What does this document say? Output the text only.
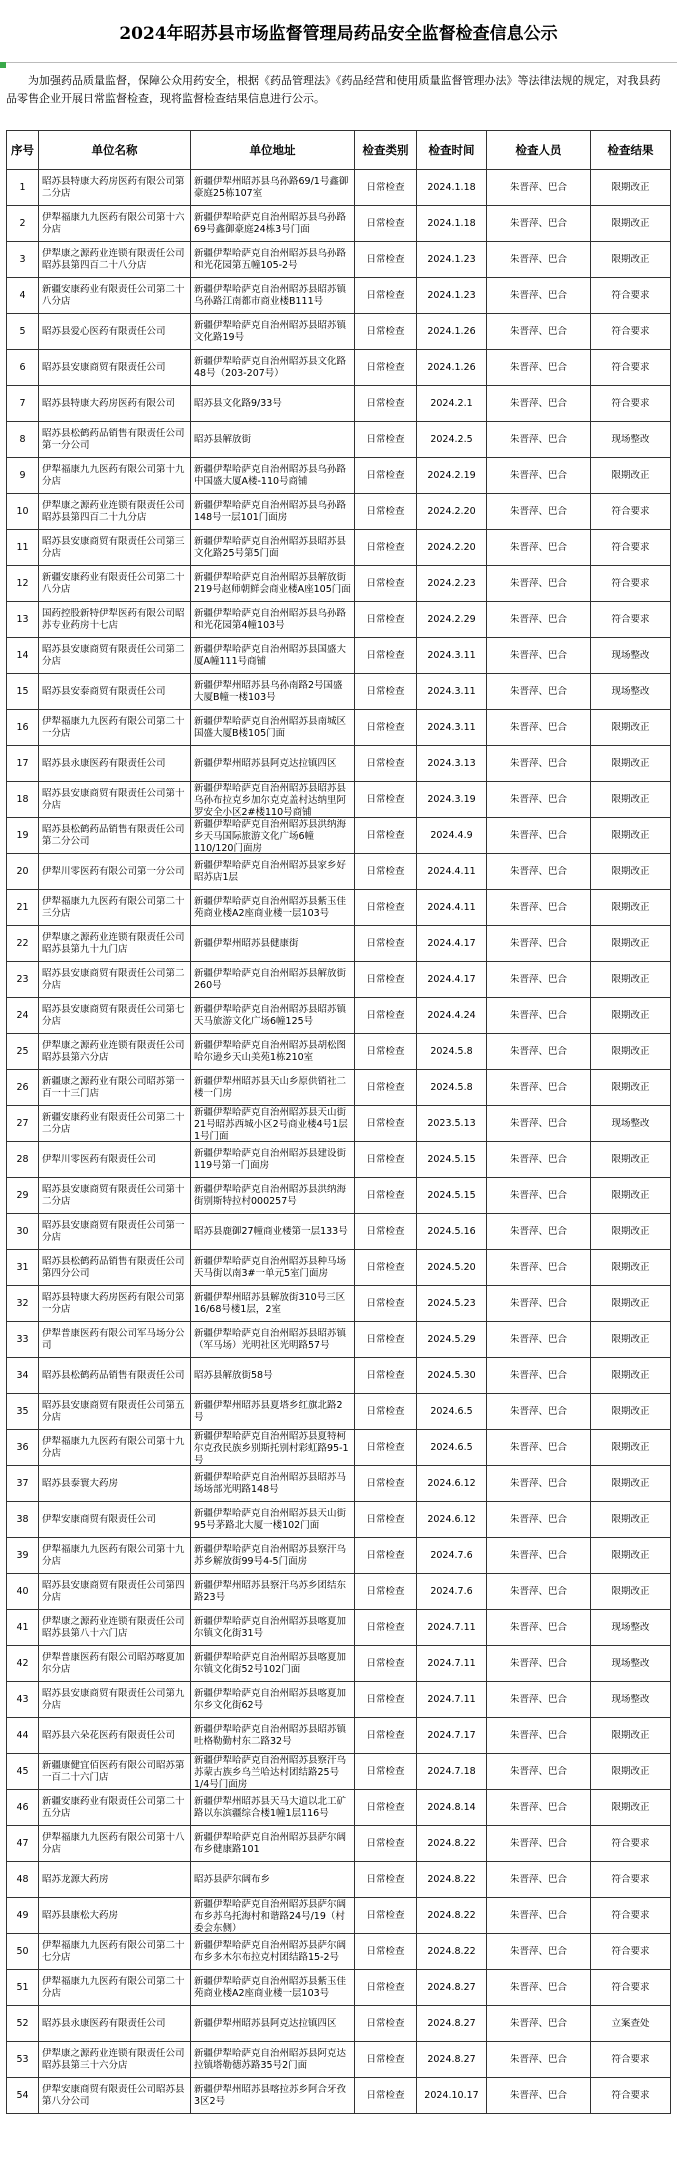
2024年昭苏县市场监督管理局药品安全监督检查信息公示
为加强药品质量监督，保障公众用药安全，根据《药品管理法》《药品经营和使用质量监督管理办法》等法律法规的规定，对我县药品零售企业开展日常监督检查，现将监督检查结果信息进行公示。
序号	单位名称	单位地址	检查类别	检查时间	检查人员	检查结果

1	昭苏县特康大药房医药有限公司第二分店	新疆伊犁州昭苏县乌孙路69/1号鑫御豪庭25栋107室	日常检查	2024.1.18	朱晋萍、巴合	限期改正

2	伊犁福康九九医药有限公司第十六分店	新疆伊犁哈萨克自治州昭苏县乌孙路69号鑫御豪庭24栋3号门面	日常检查	2024.1.18	朱晋萍、巴合	限期改正

3	伊犁康之源药业连锁有限责任公司昭苏县第四百二十八分店	新疆伊犁哈萨克自治州昭苏县乌孙路和光花园第五幢105-2号	日常检查	2024.1.23	朱晋萍、巴合	限期改正

4	新疆安康药业有限责任公司第二十八分店	新疆伊犁哈萨克自治州昭苏县昭苏镇乌孙路江南都市商业楼B111号	日常检查	2024.1.23	朱晋萍、巴合	符合要求

5	昭苏县爱心医药有限责任公司	新疆伊犁哈萨克自治州昭苏县昭苏镇文化路19号	日常检查	2024.1.26	朱晋萍、巴合	符合要求

6	昭苏县安康商贸有限责任公司	新疆伊犁哈萨克自治州昭苏县文化路48号（203-207号）	日常检查	2024.1.26	朱晋萍、巴合	符合要求

7	昭苏县特康大药房医药有限公司	昭苏县文化路9/33号	日常检查	2024.2.1	朱晋萍、巴合	符合要求

8	昭苏县松鹤药品销售有限责任公司第一分公司	昭苏县解放街	日常检查	2024.2.5	朱晋萍、巴合	现场整改

9	伊犁福康九九医药有限公司第十九分店	新疆伊犁哈萨克自治州昭苏县乌孙路中国盛大厦A楼-110号商铺	日常检查	2024.2.19	朱晋萍、巴合	限期改正

10	伊犁康之源药业连锁有限责任公司昭苏县第四百二十九分店	新疆伊犁哈萨克自治州昭苏县乌孙路148号一层101门面房	日常检查	2024.2.20	朱晋萍、巴合	符合要求

11	昭苏县安康商贸有限责任公司第三分店	新疆伊犁哈萨克自治州昭苏县昭苏县文化路25号第5门面	日常检查	2024.2.20	朱晋萍、巴合	符合要求

12	新疆安康药业有限责任公司第二十八分店	新疆伊犁哈萨克自治州昭苏县解放街219号赵师朝鲜会商业楼A座105门面	日常检查	2024.2.23	朱晋萍、巴合	符合要求

13	国药控股新特伊犁医药有限公司昭苏专业药房十七店	新疆伊犁哈萨克自治州昭苏县乌孙路和光花园第4幢103号	日常检查	2024.2.29	朱晋萍、巴合	符合要求

14	昭苏县安康商贸有限责任公司第二分店	新疆伊犁哈萨克自治州昭苏县国盛大厦A幢111号商铺	日常检查	2024.3.11	朱晋萍、巴合	现场整改

15	昭苏县安泰商贸有限责任公司	新疆伊犁州昭苏县乌孙南路2号国盛大厦B幢一楼103号	日常检查	2024.3.11	朱晋萍、巴合	现场整改

16	伊犁福康九九医药有限公司第二十一分店	新疆伊犁哈萨克自治州昭苏县南城区国盛大厦B楼105门面	日常检查	2024.3.11	朱晋萍、巴合	限期改正

17	昭苏县永康医药有限责任公司	新疆伊犁州昭苏县阿克达拉镇四区	日常检查	2024.3.13	朱晋萍、巴合	限期改正

18	昭苏县安康商贸有限责任公司第十分店	新疆伊犁哈萨克自治州昭苏县昭苏县乌孙布拉克乡加尔克克盖村达纳里阿罗安全小区2#楼110号商铺	日常检查	2024.3.19	朱晋萍、巴合	限期改正

19	昭苏县松鹤药品销售有限责任公司第二分公司	新疆伊犁哈萨克自治州昭苏县洪纳海乡天马国际旅游文化广场6幢110/120门面房	日常检查	2024.4.9	朱晋萍、巴合	限期改正

20	伊犁川零医药有限公司第一分公司	新疆伊犁哈萨克自治州昭苏县家乡好昭苏店1层	日常检查	2024.4.11	朱晋萍、巴合	限期改正

21	伊犁福康九九医药有限公司第二十三分店	新疆伊犁哈萨克自治州昭苏县紫玉佳苑商业楼A2座商业楼一层103号	日常检查	2024.4.11	朱晋萍、巴合	限期改正

22	伊犁康之源药业连锁有限责任公司昭苏县第九十九门店	新疆伊犁州昭苏县健康街	日常检查	2024.4.17	朱晋萍、巴合	限期改正

23	昭苏县安康商贸有限责任公司第二分店	新疆伊犁哈萨克自治州昭苏县解放街260号	日常检查	2024.4.17	朱晋萍、巴合	限期改正

24	昭苏县安康商贸有限责任公司第七分店	新疆伊犁哈萨克自治州昭苏县昭苏镇天马旅游文化广场6幢125号	日常检查	2024.4.24	朱晋萍、巴合	限期改正

25	伊犁康之源药业连锁有限责任公司昭苏县第六分店	新疆伊犁哈萨克自治州昭苏县胡松图哈尔逊乡天山美苑1栋210室	日常检查	2024.5.8	朱晋萍、巴合	限期改正

26	新疆康之源药业有限公司昭苏第一百一十三门店	新疆伊犁州昭苏县天山乡原供销社二楼一门房	日常检查	2024.5.8	朱晋萍、巴合	限期改正

27	新疆安康药业有限责任公司第二十二分店	新疆伊犁哈萨克自治州昭苏县天山街21号昭苏西城小区2号商业楼4号1层1号门面	日常检查	2023.5.13	朱晋萍、巴合	现场整改

28	伊犁川零医药有限责任公司	新疆伊犁哈萨克自治州昭苏县建设街119号第一门面房	日常检查	2024.5.15	朱晋萍、巴合	限期改正

29	昭苏县安康商贸有限责任公司第十二分店	新疆伊犁哈萨克自治州昭苏县洪纳海街别斯特拉村000257号	日常检查	2024.5.15	朱晋萍、巴合	限期改正

30	昭苏县安康商贸有限责任公司第一分店	昭苏县鹿御27幢商业楼第一层133号	日常检查	2024.5.16	朱晋萍、巴合	限期改正

31	昭苏县松鹤药品销售有限责任公司第四分公司	新疆伊犁哈萨克自治州昭苏县种马场天马街以南3#一单元5室门面房	日常检查	2024.5.20	朱晋萍、巴合	限期改正

32	昭苏县特康大药房医药有限公司第一分店	新疆伊犁州昭苏县解放街310号三区16/68号楼1层，2室	日常检查	2024.5.23	朱晋萍、巴合	限期改正

33	伊犁普康医药有限公司军马场分公司	新疆伊犁哈萨克自治州昭苏县昭苏镇（军马场）光明社区光明路57号	日常检查	2024.5.29	朱晋萍、巴合	限期改正

34	昭苏县松鹤药品销售有限责任公司	昭苏县解放街58号	日常检查	2024.5.30	朱晋萍、巴合	限期改正

35	昭苏县安康商贸有限责任公司第五分店	新疆伊犁州昭苏县夏塔乡红旗北路2号	日常检查	2024.6.5	朱晋萍、巴合	限期改正

36	伊犁福康九九医药有限公司第十九分店	新疆伊犁哈萨克自治州昭苏县夏特柯尔克孜民族乡别斯托别村彩虹路95-1号	日常检查	2024.6.5	朱晋萍、巴合	限期改正

37	昭苏县泰寰大药房	新疆伊犁哈萨克自治州昭苏县昭苏马场场部光明路148号	日常检查	2024.6.12	朱晋萍、巴合	限期改正

38	伊犁安康商贸有限责任公司	新疆伊犁哈萨克自治州昭苏县天山街95号茅路北大厦一楼102门面	日常检查	2024.6.12	朱晋萍、巴合	限期改正

39	伊犁福康九九医药有限公司第十九分店	新疆伊犁哈萨克自治州昭苏县察汗乌苏乡解放街99号4-5门面房	日常检查	2024.7.6	朱晋萍、巴合	限期改正

40	昭苏县安康商贸有限责任公司第四分店	新疆伊犁州昭苏县察汗乌苏乡团结东路23号	日常检查	2024.7.6	朱晋萍、巴合	限期改正

41	伊犁康之源药业连锁有限责任公司昭苏县第八十六门店	新疆伊犁哈萨克自治州昭苏县喀夏加尔镇文化街31号	日常检查	2024.7.11	朱晋萍、巴合	现场整改

42	伊犁普康医药有限公司昭苏喀夏加尔分店	新疆伊犁哈萨克自治州昭苏县喀夏加尔镇文化街52号102门面	日常检查	2024.7.11	朱晋萍、巴合	现场整改

43	昭苏县安康商贸有限责任公司第九分店	新疆伊犁哈萨克自治州昭苏县喀夏加尔乡文化街62号	日常检查	2024.7.11	朱晋萍、巴合	现场整改

44	昭苏县六朵花医药有限责任公司	新疆伊犁哈萨克自治州昭苏县昭苏镇吐格勒勤村东二路32号	日常检查	2024.7.17	朱晋萍、巴合	限期改正

45	新疆康健宜佰医药有限公司昭苏第一百二十六门店	新疆伊犁哈萨克自治州昭苏县察汗乌苏蒙古族乡乌兰哈达村团结路25号1/4号门面房	日常检查	2024.7.18	朱晋萍、巴合	限期改正

46	新疆安康药业有限责任公司第二十五分店	新疆伊犁州昭苏县天马大道以北工矿路以东滨疆综合楼1幢1层116号	日常检查	2024.8.14	朱晋萍、巴合	限期改正

47	伊犁福康九九医药有限公司第十八分店	新疆伊犁哈萨克自治州昭苏县萨尔阔布乡健康路101	日常检查	2024.8.22	朱晋萍、巴合	符合要求

48	昭苏龙源大药房	昭苏县萨尔阔布乡	日常检查	2024.8.22	朱晋萍、巴合	符合要求

49	昭苏县康松大药房	新疆伊犁哈萨克自治州昭苏县萨尔阔布乡苏乌托海村和谐路24号/19（村委会东侧）	日常检查	2024.8.22	朱晋萍、巴合	符合要求

50	伊犁福康九九医药有限公司第二十七分店	新疆伊犁哈萨克自治州昭苏县萨尔阔布乡多木尔布拉克村团结路15-2号	日常检查	2024.8.22	朱晋萍、巴合	符合要求

51	伊犁福康九九医药有限公司第二十分店	新疆伊犁哈萨克自治州昭苏县紫玉佳苑商业楼A2座商业楼一层103号	日常检查	2024.8.27	朱晋萍、巴合	符合要求

52	昭苏县永康医药有限责任公司	新疆伊犁州昭苏县阿克达拉镇四区	日常检查	2024.8.27	朱晋萍、巴合	立案查处

53	伊犁康之源药业连锁有限责任公司昭苏县第三十六分店	新疆伊犁哈萨克自治州昭苏县阿克达拉镇塔勒德苏路35号2门面	日常检查	2024.8.27	朱晋萍、巴合	符合要求

54	伊犁安康商贸有限责任公司昭苏县第八分公司	新疆伊犁州昭苏县喀拉苏乡阿合牙孜3区2号	日常检查	2024.10.17	朱晋萍、巴合	符合要求
